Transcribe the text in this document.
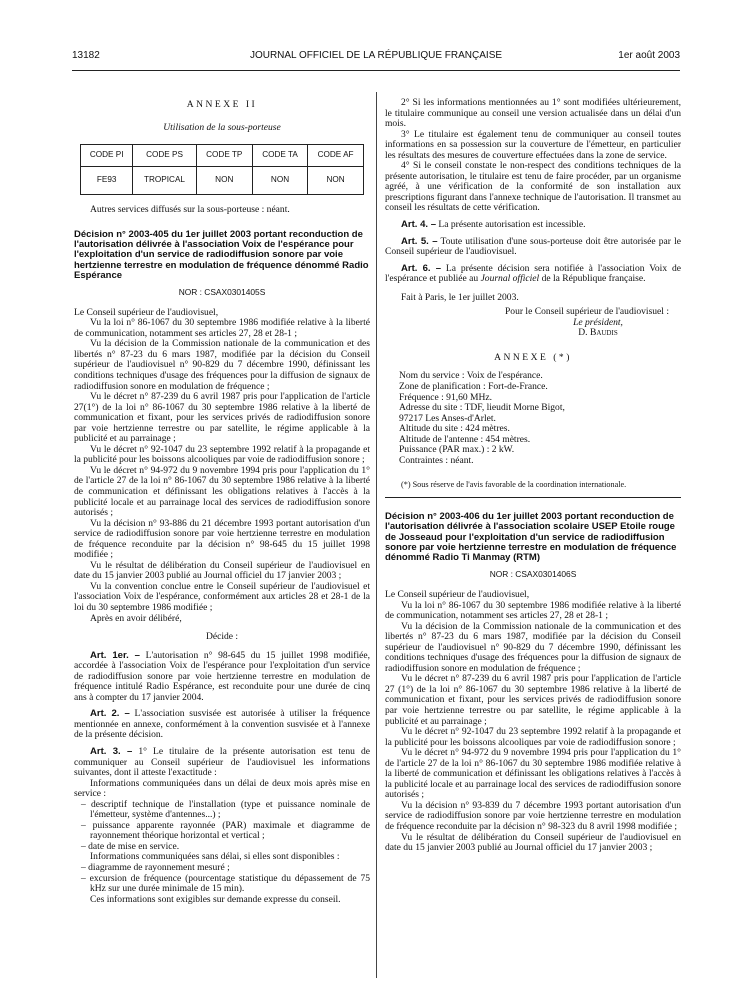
13182	JOURNAL OFFICIEL DE LA RÉPUBLIQUE FRANÇAISE	1er août 2003

ANNEXE II

Utilisation de la sous-porteuse

CODE PI	CODE PS	CODE TP	CODE TA	CODE AF
FE93	TROPICAL	NON	NON	NON

Autres services diffusés sur la sous-porteuse : néant.

Décision n° 2003-405 du 1er juillet 2003 portant reconduction de l'autorisation délivrée à l'association Voix de l'espérance pour l'exploitation d'un service de radiodiffusion sonore par voie hertzienne terrestre en modulation de fréquence dénommé Radio Espérance

NOR : CSAX0301405S

Le Conseil supérieur de l'audiovisuel,

Vu la loi n° 86-1067 du 30 septembre 1986 modifiée relative à la liberté de communication, notamment ses articles 27, 28 et 28-1 ;

Vu la décision de la Commission nationale de la communication et des libertés n° 87-23 du 6 mars 1987, modifiée par la décision du Conseil supérieur de l'audiovisuel n° 90-829 du 7 décembre 1990, définissant les conditions techniques d'usage des fréquences pour la diffusion de signaux de radiodiffusion sonore en modulation de fréquence ;

Vu le décret n° 87-239 du 6 avril 1987 pris pour l'application de l'article 27(1°) de la loi n° 86-1067 du 30 septembre 1986 relative à la liberté de communication et fixant, pour les services privés de radiodiffusion sonore par voie hertzienne terrestre ou par satellite, le régime applicable à la publicité et au parrainage ;

Vu le décret n° 92-1047 du 23 septembre 1992 relatif à la propagande et la publicité pour les boissons alcooliques par voie de radiodiffusion sonore ;

Vu le décret n° 94-972 du 9 novembre 1994 pris pour l'application du 1° de l'article 27 de la loi n° 86-1067 du 30 septembre 1986 relative à la liberté de communication et définissant les obligations relatives à l'accès à la publicité locale et au parrainage local des services de radiodiffusion sonore autorisés ;

Vu la décision n° 93-886 du 21 décembre 1993 portant autorisation d'un service de radiodiffusion sonore par voie hertzienne terrestre en modulation de fréquence reconduite par la décision n° 98-645 du 15 juillet 1998 modifiée ;

Vu le résultat de délibération du Conseil supérieur de l'audiovisuel en date du 15 janvier 2003 publié au Journal officiel du 17 janvier 2003 ;

Vu la convention conclue entre le Conseil supérieur de l'audiovisuel et l'association Voix de l'espérance, conformément aux articles 28 et 28-1 de la loi du 30 septembre 1986 modifiée ;

Après en avoir délibéré,

Décide :

Art. 1er. – L'autorisation n° 98-645 du 15 juillet 1998 modifiée, accordée à l'association Voix de l'espérance pour l'exploitation d'un service de radiodiffusion sonore par voie hertzienne terrestre en modulation de fréquence intitulé Radio Espérance, est reconduite pour une durée de cinq ans à compter du 17 janvier 2004.

Art. 2. – L'association susvisée est autorisée à utiliser la fréquence mentionnée en annexe, conformément à la convention susvisée et à l'annexe de la présente décision.

Art. 3. – 1° Le titulaire de la présente autorisation est tenu de communiquer au Conseil supérieur de l'audiovisuel les informations suivantes, dont il atteste l'exactitude :

Informations communiquées dans un délai de deux mois après mise en service :

– descriptif technique de l'installation (type et puissance nominale de l'émetteur, système d'antennes...) ;

– puissance apparente rayonnée (PAR) maximale et diagramme de rayonnement théorique horizontal et vertical ;

– date de mise en service.

Informations communiquées sans délai, si elles sont disponibles :

– diagramme de rayonnement mesuré ;

– excursion de fréquence (pourcentage statistique du dépassement de 75 kHz sur une durée minimale de 15 min).

Ces informations sont exigibles sur demande expresse du conseil.

2° Si les informations mentionnées au 1° sont modifiées ultérieurement, le titulaire communique au conseil une version actualisée dans un délai d'un mois.

3° Le titulaire est également tenu de communiquer au conseil toutes informations en sa possession sur la couverture de l'émetteur, en particulier les résultats des mesures de couverture effectuées dans la zone de service.

4° Si le conseil constate le non-respect des conditions techniques de la présente autorisation, le titulaire est tenu de faire procéder, par un organisme agréé, à une vérification de la conformité de son installation aux prescriptions figurant dans l'annexe technique de l'autorisation. Il transmet au conseil les résultats de cette vérification.

Art. 4. – La présente autorisation est incessible.

Art. 5. – Toute utilisation d'une sous-porteuse doit être autorisée par le Conseil supérieur de l'audiovisuel.

Art. 6. – La présente décision sera notifiée à l'association Voix de l'espérance et publiée au Journal officiel de la République française.

Fait à Paris, le 1er juillet 2003.

Pour le Conseil supérieur de l'audiovisuel :

Le président,

D. Baudis

ANNEXE (*)

Nom du service : Voix de l'espérance.

Zone de planification : Fort-de-France.

Fréquence : 91,60 MHz.

Adresse du site : TDF, lieudit Morne Bigot,

97217 Les Anses-d'Arlet.

Altitude du site : 424 mètres.

Altitude de l'antenne : 454 mètres.

Puissance (PAR max.) : 2 kW.

Contraintes : néant.

(*) Sous réserve de l'avis favorable de la coordination internationale.

Décision n° 2003-406 du 1er juillet 2003 portant reconduction de l'autorisation délivrée à l'association scolaire USEP Etoile rouge de Josseaud pour l'exploitation d'un service de radiodiffusion sonore par voie hertzienne terrestre en modulation de fréquence dénommé Radio Ti Manmay (RTM)

NOR : CSAX0301406S

Le Conseil supérieur de l'audiovisuel,

Vu la loi n° 86-1067 du 30 septembre 1986 modifiée relative à la liberté de communication, notamment ses articles 27, 28 et 28-1 ;

Vu la décision de la Commission nationale de la communication et des libertés n° 87-23 du 6 mars 1987, modifiée par la décision du Conseil supérieur de l'audiovisuel n° 90-829 du 7 décembre 1990, définissant les conditions techniques d'usage des fréquences pour la diffusion de signaux de radiodiffusion sonore en modulation de fréquence ;

Vu le décret n° 87-239 du 6 avril 1987 pris pour l'application de l'article 27 (1°) de la loi n° 86-1067 du 30 septembre 1986 relative à la liberté de communication et fixant, pour les services privés de radiodiffusion sonore par voie hertzienne terrestre ou par satellite, le régime applicable à la publicité et au parrainage ;

Vu le décret n° 92-1047 du 23 septembre 1992 relatif à la propagande et la publicité pour les boissons alcooliques par voie de radiodiffusion sonore ;

Vu le décret n° 94-972 du 9 novembre 1994 pris pour l'application du 1° de l'article 27 de la loi n° 86-1067 du 30 septembre 1986 modifiée relative à la liberté de communication et définissant les obligations relatives à l'accès à la publicité locale et au parrainage local des services de radiodiffusion sonore autorisés ;

Vu la décision n° 93-839 du 7 décembre 1993 portant autorisation d'un service de radiodiffusion sonore par voie hertzienne terrestre en modulation de fréquence reconduite par la décision n° 98-323 du 8 avril 1998 modifiée ;

Vu le résultat de délibération du Conseil supérieur de l'audiovisuel en date du 15 janvier 2003 publié au Journal officiel du 17 janvier 2003 ;
